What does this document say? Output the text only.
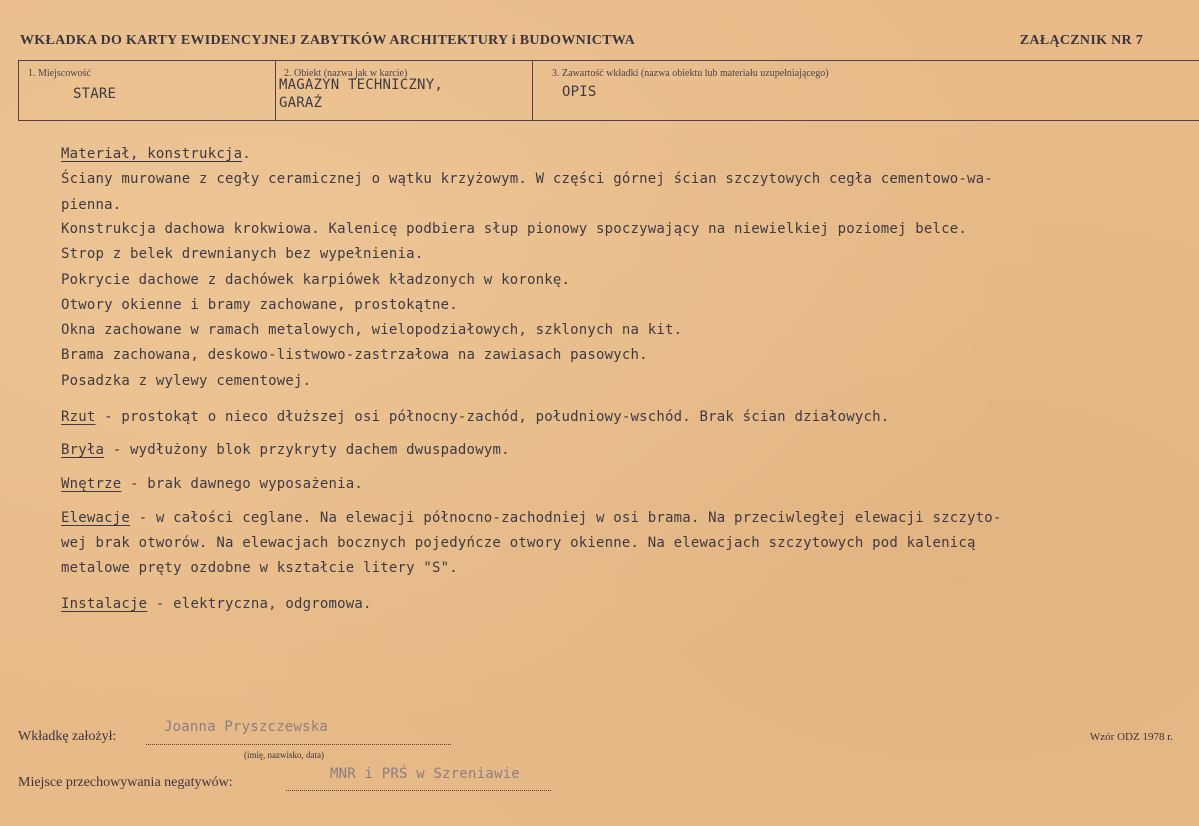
WKŁADKA DO KARTY EWIDENCYJNEJ ZABYTKÓW ARCHITEKTURY i BUDOWNICTWA	ZAŁĄCZNIK NR 7
1. Miejscowość
STARE
2. Obiekt (nazwa jak w karcie)
MAGAZYN TECHNICZNY,
GARAŻ
3. Zawartość wkładki (nazwa obiektu lub materiału uzupełniającego)
OPIS
Materiał, konstrukcja.
Ściany murowane z cegły ceramicznej o wątku krzyżowym. W części górnej ścian szczytowych cegła cementowo-wa-
pienna.
Konstrukcja dachowa krokwiowa. Kalenicę podbiera słup pionowy spoczywający na niewielkiej poziomej belce.
Strop z belek drewnianych bez wypełnienia.
Pokrycie dachowe z dachówek karpiówek kładzonych w koronkę.
Otwory okienne i bramy zachowane, prostokątne.
Okna zachowane w ramach metalowych, wielopodziałowych, szklonych na kit.
Brama zachowana, deskowo-listwowo-zastrzałowa na zawiasach pasowych.
Posadzka z wylewy cementowej.
Rzut - prostokąt o nieco dłuższej osi północny-zachód, południowy-wschód. Brak ścian działowych.
Bryła - wydłużony blok przykryty dachem dwuspadowym.
Wnętrze - brak dawnego wyposażenia.
Elewacje - w całości ceglane. Na elewacji północno-zachodniej w osi brama. Na przeciwległej elewacji szczyto-
wej brak otworów. Na elewacjach bocznych pojedyńcze otwory okienne. Na elewacjach szczytowych pod kalenicą
metalowe pręty ozdobne w kształcie litery "S".
Instalacje - elektryczna, odgromowa.
Wkładkę założył:
Joanna Pryszczewska
(imię, nazwisko, data)
Wzór ODZ 1978 r.
Miejsce przechowywania negatywów:
MNR i PRŚ w Szreniawie
